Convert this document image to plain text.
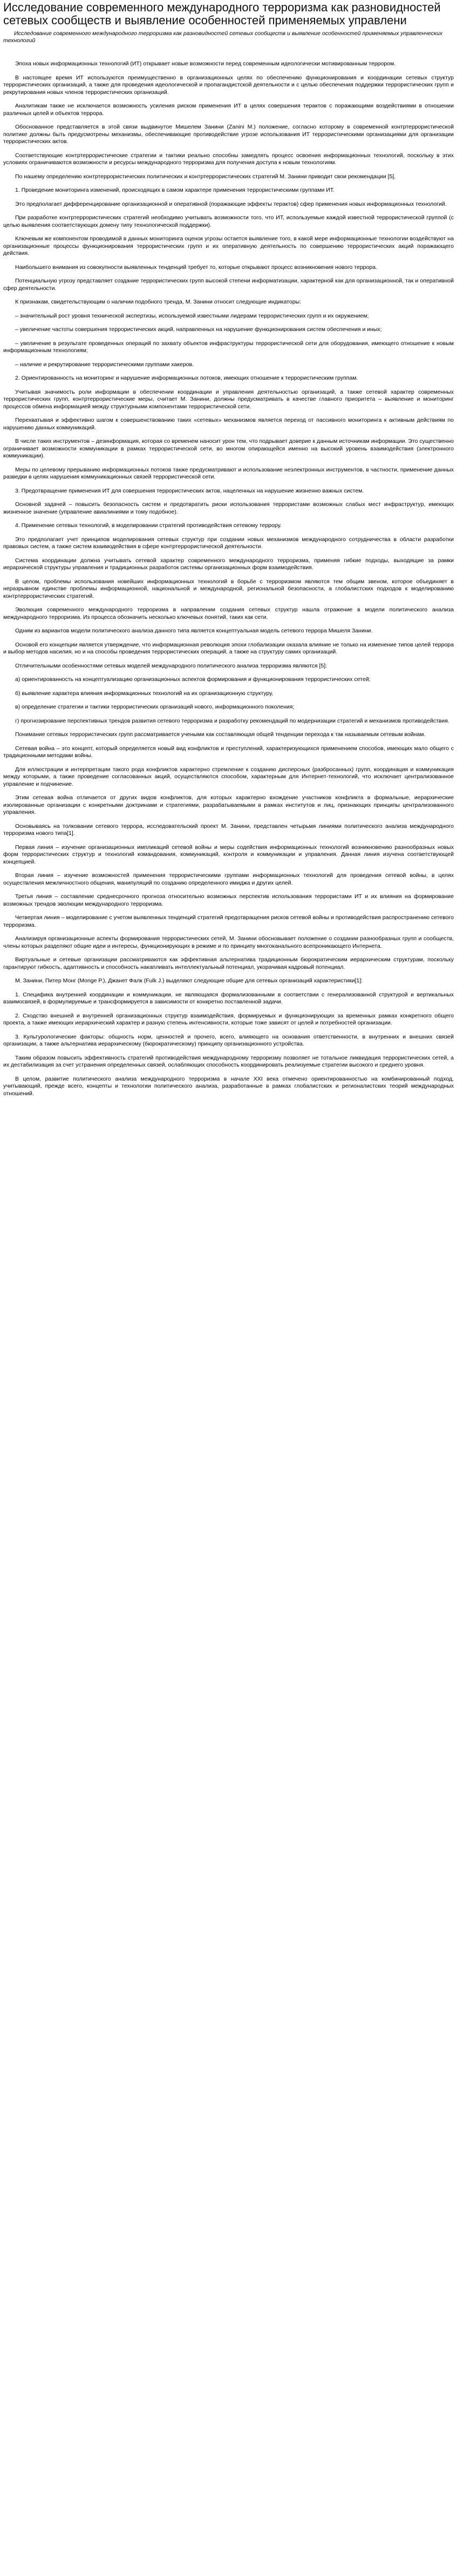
Исследование современного международного терроризма как разновидностей сетевых сообществ и выявление особенностей применяемых управлени

Исследование современного международного терроризма как разновидностей сетевых сообществ и выявление особенностей применяемых управленческих технологий

Эпоха новых информационных технологий (ИТ) открывает новые возможности перед современным идеологически мотивированным террором.

В настоящее время ИТ используются преимущественно в организационных целях по обеспечению функционирования и координации сетевых структур террористических организаций, а также для проведения идеологической и пропагандистской деятельности и с целью обеспечения поддержки террористических групп и рекрутирования новых членов террористических организаций.

Аналитикам также не исключается возможность усиления риском применения ИТ в целях совершения терактов с поражающими воздействиями в отношении различных целей и объектов террора.

Обоснованное представляется в этой связи выдвинутое Мишелем Занини (Zanini M.) положение, согласно которому в современной контртеррористической политике должны быть предусмотрены механизмы, обеспечивающие противодействие угрозе использования ИТ террористическими организациями для организации террористических актов.

Соответствующие контртеррористические стратегии и тактики реально способны замедлять процесс освоения информационных технологий, поскольку в этих условиях ограничиваются возможности и ресурсы международного терроризма для получения доступа к новым технологиям.

По нашему определению контртеррористических политических и контртеррористических стратегий М. Занини приводит свои рекомендации [5].

1. Проведение мониторинга изменений, происходящих в самом характере применения террористическими группами ИТ.

Это предполагает дифференцирование организационной и оперативной (поражающие эффекты терактов) сфер применения новых информационных технологий.

При разработке контртеррористических стратегий необходимо учитывать возможности того, что ИТ, используемые каждой известной террористической группой (с целью выявления соответствующих домену типу технологической поддержки).

Ключевым же компонентом проводимой в данных мониторинга оценок угрозы остается выявление того, в какой мере информационные технологии воздействуют на организационные процессы функционирования террористических групп и их оперативную деятельность по совершению террористических акций поражающего действия.

Наибольшего внимания из совокупности выявленных тенденций требует то, которые открывают процесс возникновения нового террора.

Потенциальную угрозу представляет создание террористических групп высокой степени информатизации, характерной как для организационной, так и оперативной сфер деятельности.

К признакам, свидетельствующим о наличии подобного тренда, М. Занини относит следующие индикаторы:

– значительный рост уровня технической экспертизы, используемой известными лидерами террористических групп и их окружением;

– увеличение частоты совершения террористических акций, направленных на нарушение функционирования систем обеспечения и иных;

– увеличение в результате проведенных операций по захвату объектов инфраструктуры террористической сети для оборудования, имеющего отношение к новым информационным технологиям;

– наличие и рекрутирование террористическими группами хакеров.

2. Ориентированность на мониторинг и нарушение информационных потоков, имеющих отношение к террористическим группам.

Учитывая значимость роли информации в обеспечении координации и управления деятельностью организаций, а также сетевой характер современных террористических групп, контртеррористические меры, считает М. Занини, должны предусматривать в качестве главного приоритета – выявление и мониторинг процессов обмена информацией между структурными компонентами террористической сети.

Перехватывая и эффективно шагом к совершенствованию таких «сетевых» механизмов является переход от пассивного мониторинга к активным действиям по нарушению данных коммуникаций.

В числе таких инструментов – дезинформация, которая со временем наносит урон тем, что подрывает доверие к данным источникам информации. Это существенно ограничивает возможности коммуникации в рамках террористической сети, во многом опирающейся именно на высокий уровень взаимодействия (электронного коммуникации).

Меры по целевому прерыванию информационных потоков также предусматривают и использование неэлектронных инструментов, в частности, применение данных разведки в целях нарушения коммуникационных связей террористической сети.

3. Предотвращение применения ИТ для совершения террористических актов, нацеленных на нарушение жизненно важных систем.

Основной задачей – повысить безопасность систем и предотвратить риски использования террористами возможных слабых мест инфраструктур, имеющих жизненное значение (управление авиалиниями и тому подобное).

4. Применение сетевых технологий, в моделировании стратегий противодействия сетевому террору.

Это предполагает учет принципов моделирования сетевых структур при создании новых механизмов международного сотрудничества в области разработки правовых систем, а также систем взаимодействия в сфере контртеррористической деятельности.

Система координации должна учитывать сетевой характер современного международного терроризма, применяя гибкие подходы, выходящие за рамки иерархической структуры управления и традиционных разработок системы организационных форм взаимодействия.

В целом, проблемы использования новейших информационных технологий в борьбе с терроризмом являются тем общим звеном, которое объединяет в неразрывном единстве проблемы информационной, национальной и международной, региональной безопасности, а глобалистских подходов к моделированию контртеррористических стратегий.

Эволюция современного международного терроризма в направлении создания сетевых структур нашла отражение в модели политического анализа международного терроризма. Из процесса обозначить несколько ключевых понятий, таких как сети.

Одним из вариантов модели политического анализа данного типа является концептуальная модель сетевого террора Мишеля Занини.

Основой его концепции является утверждение, что информационная революция эпохи глобализации оказала влияние не только на изменение типов целей террора и выбор методов насилия, но и на способы проведения террористических операций, а также на структуру самих организаций.

Отличительными особенностями сетевых моделей международного политического анализа терроризма являются [5]:

а) ориентированность на концептуализацию организационных аспектов формирования и функционирования террористических сетей;

б) выявление характера влияния информационных технологий на их организационную структуру,

в) определение стратегии и тактики террористических организаций нового, информационного поколения;

г) прогнозирование перспективных трендов развития сетевого терроризма и разработку рекомендаций по модернизации стратегий и механизмов противодействия.

Понимание сетевых террористических групп рассматривается учеными как составляющая общей тенденции перехода к так называемым сетевым войнам.

Сетевая война – это концепт, который определяется новый вид конфликтов и преступлений, характеризующихся применением способов, имеющих мало общего с традиционными методами войны.

Для иллюстрации и интерпретации такого рода конфликтов характерно стремление к созданию дисперсных (разбросанных) групп, координация и коммуникация между которыми, а также проведение согласованных акций, осуществляются способом, характерным для Интернет-технологий, что исключает централизованное управление и подчинение.

Этим сетевая война отличается от других видов конфликтов, для которых характерно вхождение участников конфликта в формальные, иерархические изолированные организации с конкретными доктринами и стратегиями, разрабатываемыми в рамках институтов и лиц, признающих принципы централизованного управления.

Основываясь на толковании сетевого террора, исследовательский проект М. Занини, представлен четырьмя линиями политического анализа международного терроризма нового типа[1].

Первая линия – изучение организационных импликаций сетевой войны и меры содействия информационных технологий возникновению разнообразных новых форм террористических структур и технологий командования, коммуникаций, контроля и коммуникации и управления. Данная линия изучена соответствующей концепцией.

Вторая линия – изучение возможностей применения террористическими группами информационных технологий для проведения сетевой войны, в целях осуществления межличностного общения, манипуляций по созданию определенного имиджа и других целей.

Третья линия – составление среднесрочного прогноза относительно возможных перспектив использования террористами ИТ и их влияния на формирование возможных трендов эволюции международного терроризма.

Четвертая линия – моделирование с учетом выявленных тенденций стратегий предотвращения рисков сетевой войны и противодействия распространению сетевого терроризма.

Анализируя организационные аспекты формирования террористических сетей, М. Занини обосновывает положение о создании разнообразных групп и сообществ, члены которых разделяют общие идеи и интересы, функционирующих в режиме и по принципу многоканального всепроникающего Интернета.

Виртуальные и сетевые организации рассматриваются как эффективная альтернатива традиционным бюрократическим иерархическим структурам, поскольку гарантируют гибкость, адаптивность и способность накапливать интеллектуальный потенциал, укорачивая кадровый потенциал.

М. Занини, Питер Монг (Monge P.), Джанет Фалк (Fulk J.) выделяют следующие общие для сетевых организаций характеристики[1]:

1. Специфика внутренней координации и коммуникации, не являющаяся формализованными в соответствии с генерализованной структурой и вертикальных взаимосвязей, в формулируемые и трансформируется в зависимости от конкретно поставленной задачи.

2. Сходство внешней и внутренней организационных структур взаимодействия, формируемых и функционирующих за временных рамках конкретного общего проекта, а также имеющих иерархический характер и разную степень интенсивности, которые тоже зависят от целей и потребностей организации.

3. Культурологические факторы: общность норм, ценностей и прочего, всего, влияющего на основания ответственности, в внутренних и внешних связей организации, а также альтернатива иерархическому (бюрократическому) принципу организационного устройства.

Таким образом повысить эффективность стратегий противодействия международному терроризму позволяет не тотальное ликвидация террористических сетей, а их дестабилизация за счет устранения определенных связей, ослабляющих способность координировать реализуемые стратегии высокого и среднего уровня.

В целом, развитие политического анализа международного терроризма в начале XXI века отмечено ориентированностью на комбинированный подход, учитывающий, прежде всего, концепты и технологии политического анализа, разработанные в рамках глобалистских и регионалистских теорий международных отношений.
